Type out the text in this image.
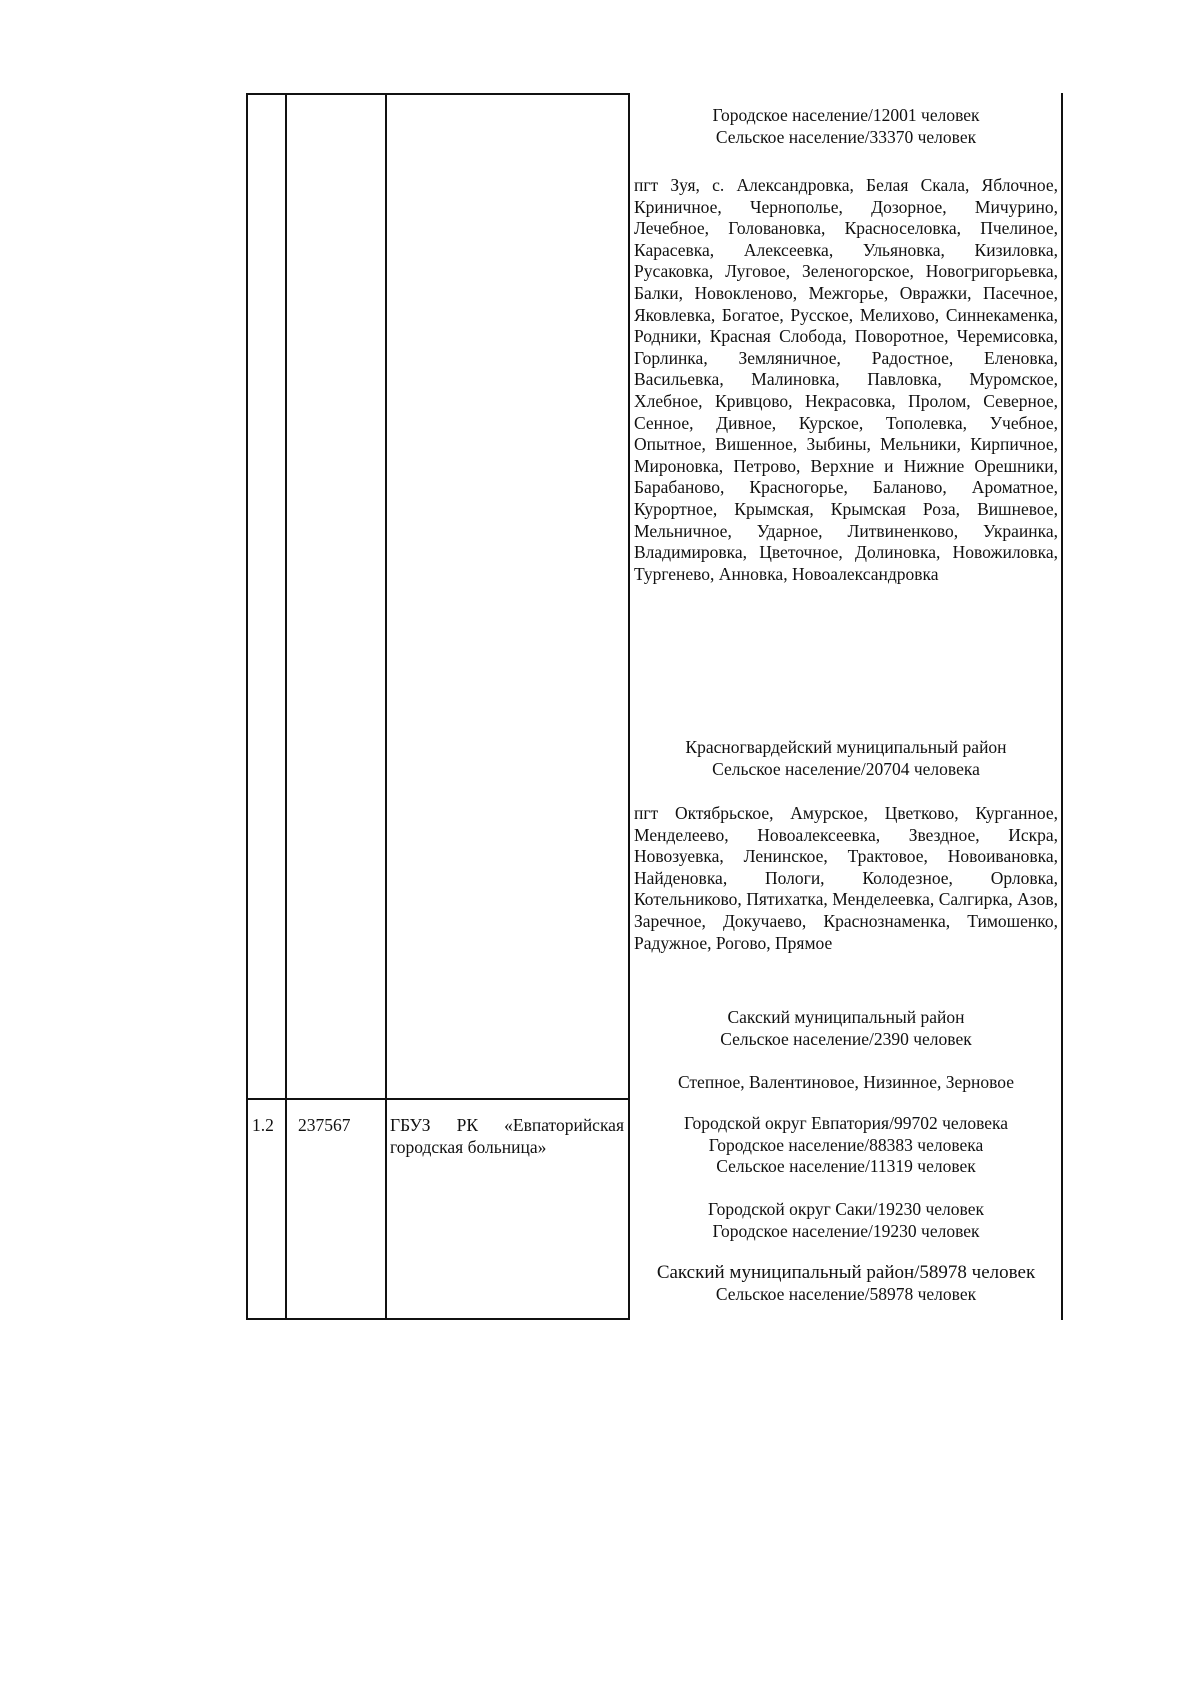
1.2	237567	ГБУЗ РК «Евпаторийская городская больница»

Городское население/12001 человек
Сельское население/33370 человек

пгт Зуя, с. Александровка, Белая Скала, Яблочное, Криничное, Чернополье, Дозорное, Мичурино, Лечебное, Голованoвка, Красноселовка, Пчелиное, Карасевка, Алексеевка, Ульяновка, Кизиловка, Русаковка, Луговое, Зеленогорское, Новогригорьевка, Балки, Новокленово, Межгорье, Овражки, Пасечное, Яковлевка, Богатое, Русское, Мелихово, Синнекаменка, Родники, Красная Слобода, Поворотное, Черемисовка, Горлинка, Земляничное, Радостное, Еленовка, Васильевка, Малиновка, Павловка, Муромское, Хлебное, Кривцово, Некрасовка, Пролом, Северное, Сенное, Дивное, Курское, Тополевка, Учебное, Опытное, Вишенное, Зыбины, Мельники, Кирпичное, Мироновка, Петрово, Верхние и Нижние Орешники, Барабаново, Красногорье, Баланово, Ароматное, Курортное, Крымская, Крымская Роза, Вишневое, Мельничное, Ударное, Литвиненково, Украинка, Владимировка, Цветочное, Долиновка, Новожиловка, Тургенево, Анновка, Новоалександровка

Красногвардейский муниципальный район
Сельское население/20704 человека

пгт Октябрьское, Амурское, Цветково, Курганное, Менделеево, Новоалексеевка, Звездное, Искра, Новозуевка, Ленинское, Трактовое, Новоивановка, Найденовка, Пологи, Колодезное, Орловка, Котельниково, Пятихатка, Менделеевка, Салгирка, Азов, Заречное, Докучаево, Краснознаменка, Тимошенко, Радужное, Рогово, Прямое

Сакский муниципальный район
Сельское население/2390 человек

Степное, Валентиновое, Низинное, Зерновое

Городской округ Евпатория/99702 человека
Городское население/88383 человека
Сельское население/11319 человек

Городской округ Саки/19230 человек
Городское население/19230 человек

Сакский муниципальный район/58978 человек
Сельское население/58978 человек
